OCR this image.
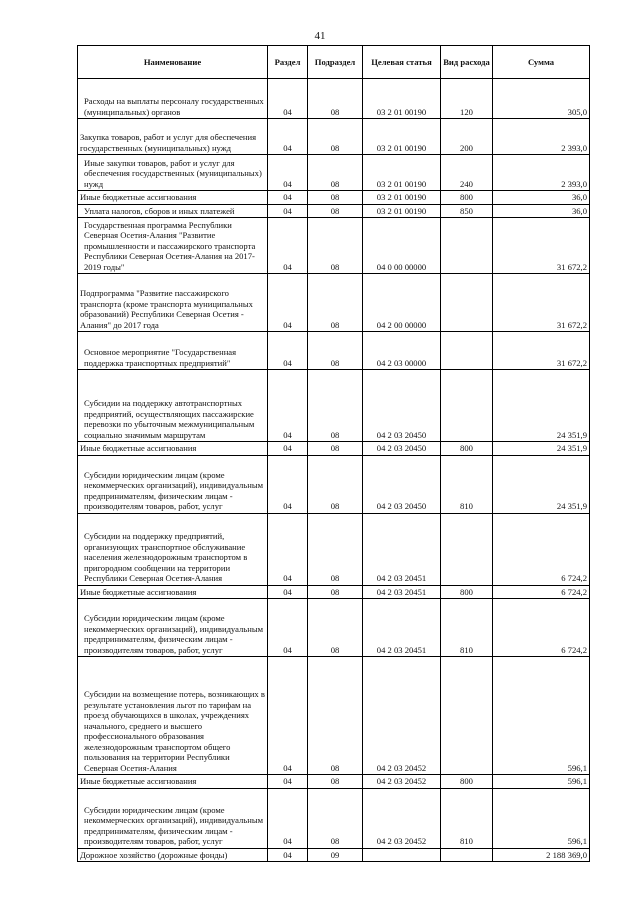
41
Наименование	Раздел	Подраздел	Целевая статья	Вид расхода	Сумма
Расходы на выплаты персоналу государственных (муниципальных) органов	04	08	03 2 01 00190	120	305,0
Закупка товаров, работ и услуг для обеспечения государственных (муниципальных) нужд	04	08	03 2 01 00190	200	2 393,0
Иные закупки товаров, работ и услуг для обеспечения государственных (муниципальных) нужд	04	08	03 2 01 00190	240	2 393,0
Иные бюджетные ассигнования	04	08	03 2 01 00190	800	36,0
Уплата налогов, сборов и иных платежей	04	08	03 2 01 00190	850	36,0
Государственная программа Республики Северная Осетия-Алания "Развитие промышленности и пассажирского транспорта Республики Северная Осетия-Алания на 2017-2019 годы"	04	08	04 0 00 00000		31 672,2
Подпрограмма "Развитие пассажирского транспорта (кроме транспорта муниципальных образований) Республики Северная Осетия - Алания" до 2017 года	04	08	04 2 00 00000		31 672,2
Основное мероприятие "Государственная поддержка транспортных предприятий"	04	08	04 2 03 00000		31 672,2
Субсидии на поддержку автотранспортных предприятий, осуществляющих пассажирские перевозки по убыточным межмуниципальным социально значимым маршрутам	04	08	04 2 03 20450		24 351,9
Иные бюджетные ассигнования	04	08	04 2 03 20450	800	24 351,9
Субсидии юридическим лицам (кроме некоммерческих организаций), индивидуальным предпринимателям, физическим лицам - производителям товаров, работ, услуг	04	08	04 2 03 20450	810	24 351,9
Субсидии на поддержку предприятий, организующих транспортное обслуживание населения железнодорожным транспортом в пригородном сообщении на территории Республики Северная Осетия-Алания	04	08	04 2 03 20451		6 724,2
Иные бюджетные ассигнования	04	08	04 2 03 20451	800	6 724,2
Субсидии юридическим лицам (кроме некоммерческих организаций), индивидуальным предпринимателям, физическим лицам - производителям товаров, работ, услуг	04	08	04 2 03 20451	810	6 724,2
Субсидии на возмещение потерь, возникающих в результате установления льгот по тарифам на проезд обучающихся в школах, учреждениях начального, среднего и высшего профессионального образования железнодорожным транспортом общего пользования на территории Республики Северная Осетия-Алания	04	08	04 2 03 20452		596,1
Иные бюджетные ассигнования	04	08	04 2 03 20452	800	596,1
Субсидии юридическим лицам (кроме некоммерческих организаций), индивидуальным предпринимателям, физическим лицам - производителям товаров, работ, услуг	04	08	04 2 03 20452	810	596,1
Дорожное хозяйство (дорожные фонды)	04	09			2 188 369,0
